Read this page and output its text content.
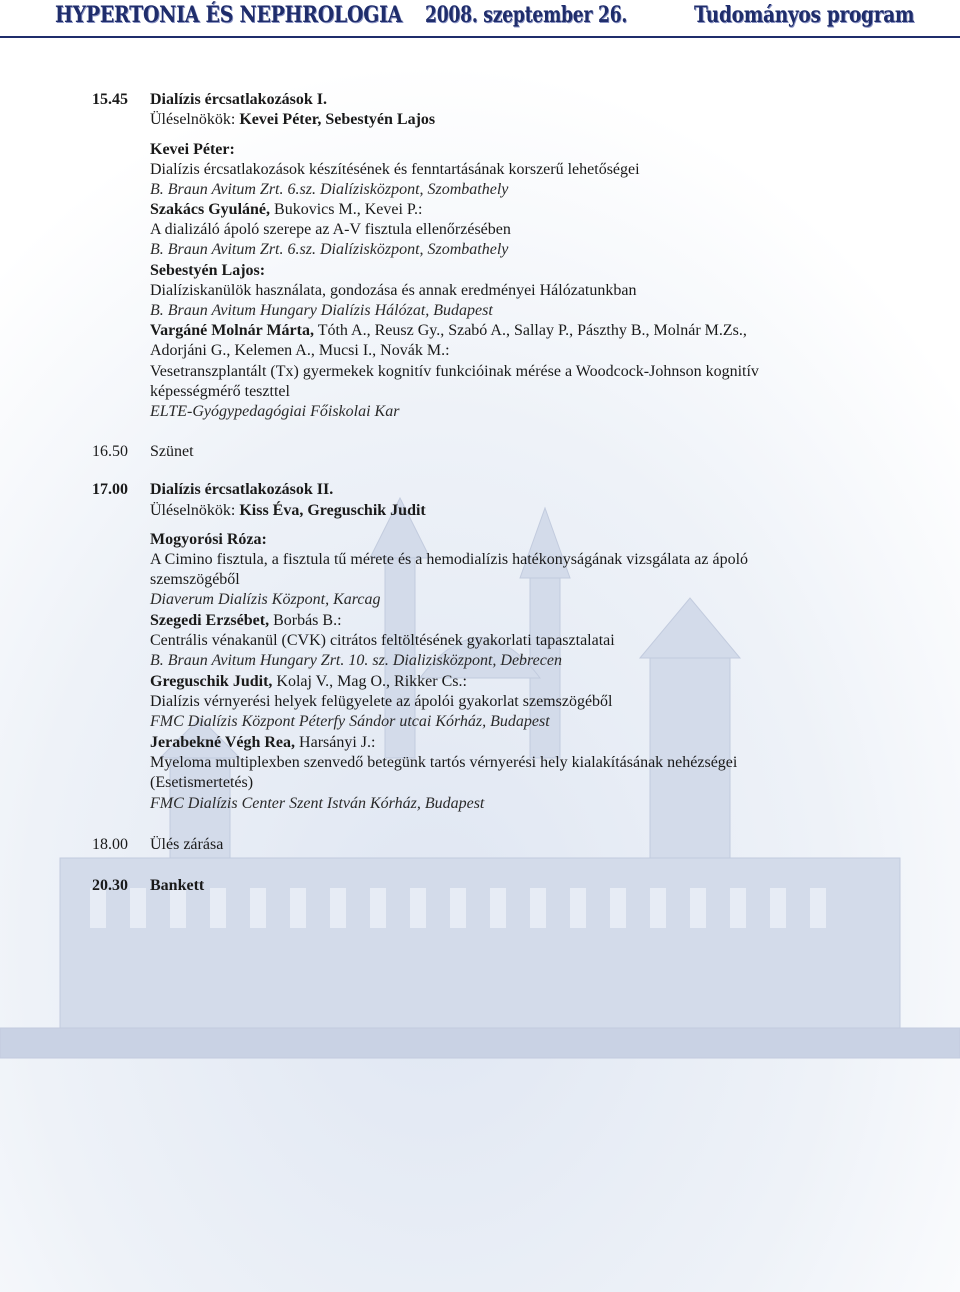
HYPERTONIA ÉS NEPHROLOGIA 2008. szeptember 26.	Tudományos program
15.45 Dialízis ércsatlakozások I.
Üléselnökök: Kevei Péter, Sebestyén Lajos
Kevei Péter:
Dialízis ércsatlakozások készítésének és fenntartásának korszerű lehetőségei
B. Braun Avitum Zrt. 6.sz. Dialízisközpont, Szombathely
Szakács Gyuláné, Bukovics M., Kevei P.:
A dializáló ápoló szerepe az A-V fisztula ellenőrzésében
B. Braun Avitum Zrt. 6.sz. Dialízisközpont, Szombathely
Sebestyén Lajos:
Dialíziskanülök használata, gondozása és annak eredményei Hálózatunkban
B. Braun Avitum Hungary Dialízis Hálózat, Budapest
Vargáné Molnár Márta, Tóth A., Reusz Gy., Szabó A., Sallay P., Pászthy B., Molnár M.Zs.,
Adorjáni G., Kelemen A., Mucsi I., Novák M.:
Vesetranszplantált (Tx) gyermekek kognitív funkcióinak mérése a Woodcock-Johnson kognitív
képességmérő teszttel
ELTE-Gyógypedagógiai Főiskolai Kar
16.50 Szünet
17.00 Dialízis ércsatlakozások II.
Üléselnökök: Kiss Éva, Greguschik Judit
Mogyorósi Róza:
A Cimino fisztula, a fisztula tű mérete és a hemodialízis hatékonyságának vizsgálata az ápoló
szemszögéből
Diaverum Dialízis Központ, Karcag
Szegedi Erzsébet, Borbás B.:
Centrális vénakanül (CVK) citrátos feltöltésének gyakorlati tapasztalatai
B. Braun Avitum Hungary Zrt. 10. sz. Dializisközpont, Debrecen
Greguschik Judit, Kolaj V., Mag O., Rikker Cs.:
Dialízis vérnyerési helyek felügyelete az ápolói gyakorlat szemszögéből
FMC Dialízis Központ Péterfy Sándor utcai Kórház, Budapest
Jerabekné Végh Rea, Harsányi J.:
Myeloma multiplexben szenvedő betegünk tartós vérnyerési hely kialakításának nehézségei
(Esetismertetés)
FMC Dialízis Center Szent István Kórház, Budapest
18.00 Ülés zárása
20.30 Bankett
